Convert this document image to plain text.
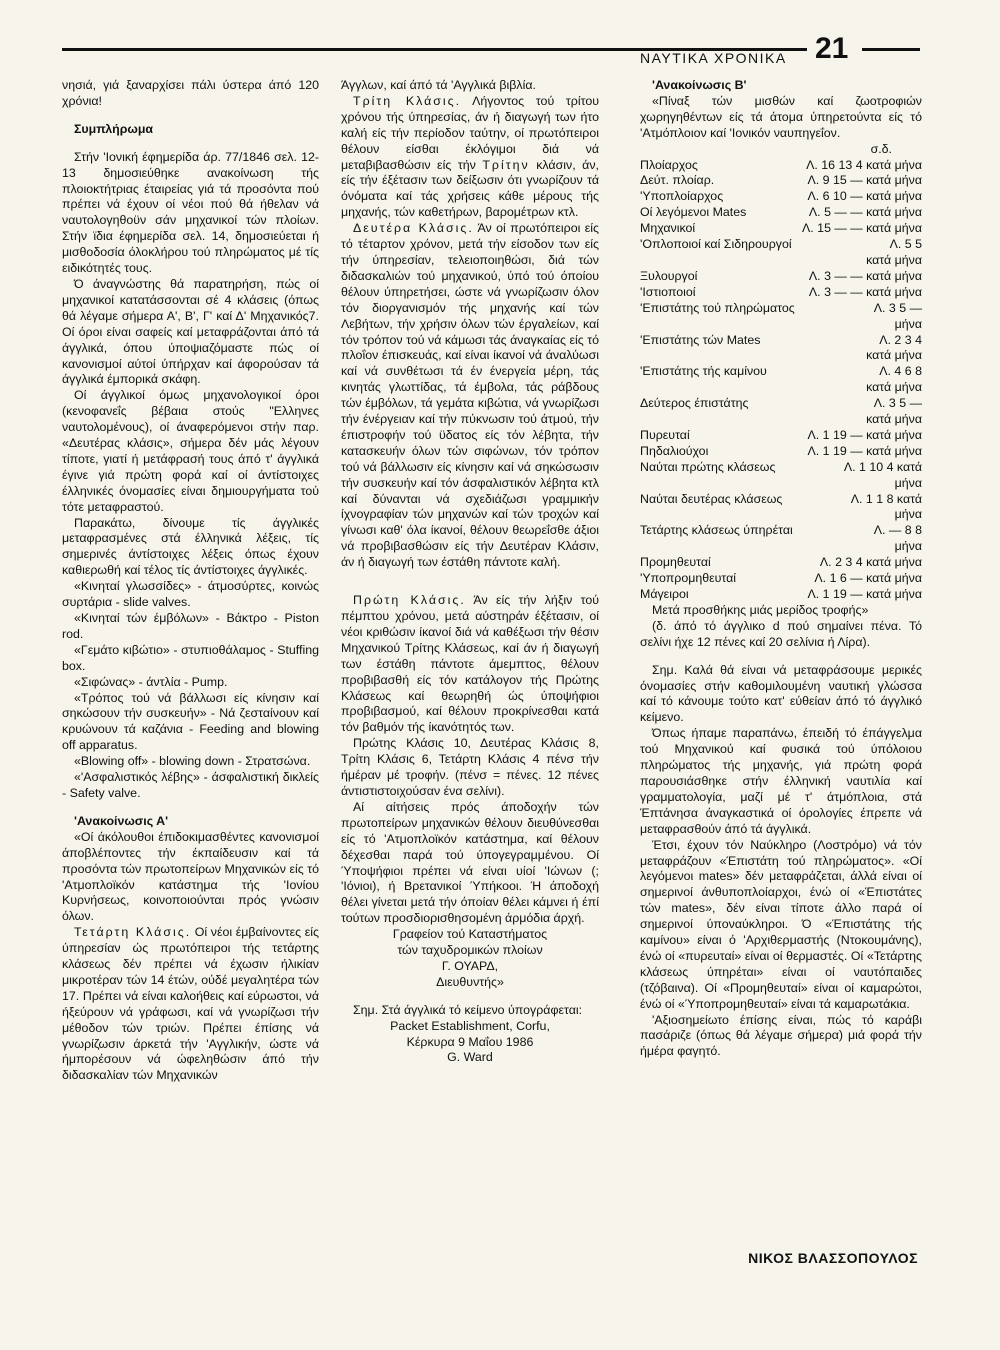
ΝΑΥΤΙΚΑ ΧΡΟΝΙΚΑ 21

νησιά, γιά ξαναρχίσει πάλι ύστερα άπό 120 χρόνια!

Συμπλήρωμα

Στήν 'Ιονική έφημερίδα άρ. 77/1846 σελ. 12-13 δημοσιεύθηκε ανακοίνωση τής πλοιοκτήτριας έταιρείας γιά τά προσόντα πού πρέπει νά έχουν οί νέοι πού θά ήθελαν νά ναυτολογηθοϋν σάν μηχανικοί τών πλοίων. Στήν ϊδια έφημερίδα σελ. 14, δημοσιεύεται ή μισθοδοσία όλοκλήρου τού πληρώματος μέ τίς ειδικότητές τους.

Ό άναγνώστης θά παρατηρήση, πώς οί μηχανικοί κατατάσσονται σέ 4 κλάσεις (όπως θά λέγαμε σήμερα Α', Β', Γ' καί Δ' Μηχανικός7. Οί όροι είναι σαφείς καί μεταφράζονται άπό τά άγγλικά, όπου ύποψιαζόμαστε πώς οί κανονισμοί αύτοί ύπήρχαν καί άφορούσαν τά άγγλικά έμπορικά σκάφη.

Οί άγγλικοί όμως μηχανολογικοί όροι (κενοφανεΐς βέβαια στούς "Ελληνες ναυτολομένους), οί άναφερόμενοι στήν παρ. «Δευτέρας κλάσις», σήμερα δέν μάς λέγουν τίποτε, γιατί ή μετάφρασή τους άπό τ' άγγλικά έγινε γιά πρώτη φορά καί οί άντίστοιχες έλληνικές όνομασίες είναι δημιουργήματα τού τότε μεταφραστού.

Παρακάτω, δίνουμε τίς άγγλικές μεταφρασμένες στά έλληνικά λέξεις, τίς σημερινές άντίστοιχες λέξεις όπως έχουν καθιερωθή καί τέλος τίς άντίστοιχες άγγλικές.

«Κινηταί γλωσσίδες» - άτμοσύρτες, κοινώς συρτάρια - slide valves.

«Κινηταί τών έμβόλων» - Βάκτρο - Piston rod.

«Γεμάτο κιβώτιο» - στυπιοθάλαμος - Stuffing box.

«Σιφώνας» - άντλία - Pump.

«Τρόπος τού νά βάλλωσι είς κίνησιν καί σηκώσουν τήν συσκευήν» - Νά ζεσταίνουν καί κρυώνουν τά καζάνια - Feeding and blowing off apparatus.

«Blowing off» - blowing down - Στρατσώνα.

«'Ασφαλιστικός λέβης» - άσφαλιστική δικλείς - Safety valve.

'Ανακοίνωσις Α'

«Οί άκόλουθοι έπιδοκιμασθέντες κανονισμοί άποβλέποντες τήν έκπαίδευσιν καί τά προσόντα τών πρωτοπείρων Μηχανικών είς τό 'Ατμοπλοϊκόν κατάστημα τής 'Ιονίου Κυρνήσεως, κοινοποιούνται πρός γνώσιν όλων.

Τετάρτη Κλάσις. Οί νέοι έμβαίνοντες είς ύπηρεσίαν ώς πρωτόπειροι τής τετάρτης κλάσεως δέν πρέπει νά έχωσιν ήλικίαν μικροτέραν τών 14 έτών, ούδέ μεγαλητέρα τών 17. Πρέπει νά είναι καλοήθεις καί εύρωστοι, νά ήξεύρουν νά γράφωσι, καί νά γνωρίζωσι τήν μέθοδον τών τριών. Πρέπει έπίσης νά γνωρίζωσιν άρκετά τήν 'Αγγλικήν, ώστε νά ήμπορέσουν νά ώφεληθώσιν άπό τήν διδασκαλίαν τών Μηχανικών

Άγγλων, καί άπό τά 'Αγγλικά βιβλία.

Τρίτη Κλάσις. Λήγοντος τού τρίτου χρόνου τής ύπηρεσίας, άν ή διαγωγή των ήτο καλή είς τήν περίοδον ταύτην, οί πρωτόπειροι θέλουν είσθαι έκλόγιμοι διά νά μεταβιβασθώσιν είς τήν Τρίτην κλάσιν, άν, είς τήν έξέτασιν των δείξωσιν ότι γνωρίζουν τά όνόματα καί τάς χρήσεις κάθε μέρους τής μηχανής, τών καθετήρων, βαρομέτρων κτλ.

Δευτέρα Κλάσις. Άν οί πρωτόπειροι είς τό τέταρτον χρόνον, μετά τήν είσοδον των είς τήν ύπηρεσίαν, τελειοποιηθώσι, διά τών διδασκαλιών τού μηχανικού, ύπό τού όποίου θέλουν ύπηρετήσει, ώστε νά γνωρίζωσιν όλον τόν διοργανισμόν τής μηχανής καί τών Λεβήτων, τήν χρήσιν όλων τών έργαλείων, καί τόν τρόπον τού νά κάμωσι τάς άναγκαίας είς τό πλοΐον έπισκευάς, καί είναι ίκανοί νά άναλύωσι καί νά συνθέτωσι τά έν ένεργεία μέρη, τάς κινητάς γλωττίδας, τά έμβολα, τάς ράβδους τών έμβόλων, τά γεμάτα κιβώτια, νά γνωρίζωσι τήν ένέργειαν καί τήν πύκνωσιν τού άτμού, τήν έπιστροφήν τού ϋδατος είς τόν λέβητα, τήν κατασκευήν όλων τών σιφώνων, τόν τρόπον τού νά βάλλωσιν είς κίνησιν καί νά σηκώσωσιν τήν συσκευήν καί τόν άσφαλιστικόν λέβητα κτλ καί δύνανται νά σχεδιάζωσι γραμμικήν ίχνογραφίαν τών μηχανών καί τών τροχών καί γίνωσι καθ' όλα ίκανοί, θέλουν θεωρεΐσθε άξιοι νά προβιβασθώσιν είς τήν Δευτέραν Κλάσιν, άν ή διαγωγή των έστάθη πάντοτε καλή.

Πρώτη Κλάσις. Άν είς τήν λήξιν τού πέμπτου χρόνου, μετά αύστηράν έξέτασιν, οί νέοι κριθώσιν ίκανοί διά νά καθέξωσι τήν θέσιν Μηχανικού Τρίτης Κλάσεως, καί άν ή διαγωγή των έστάθη πάντοτε άμεμπτος, θέλουν προβιβασθή είς τόν κατάλογον τής Πρώτης Κλάσεως καί θεωρηθή ώς ύποψήφιοι προβιβασμού, καί θέλουν προκρίνεσθαι κατά τόν βαθμόν τής ίκανότητός των.

Πρώτης Κλάσις 10, Δευτέρας Κλάσις 8, Τρίτη Κλάσις 6, Τετάρτη Κλάσις 4 πένσ τήν ήμέραν μέ τροφήν. (πένσ = πένες. 12 πένες άντιστιστοιχούσαν ένα σελίνι).

Αί αίτήσεις πρός άποδοχήν τών πρωτοπείρων μηχανικών θέλουν διευθύνεσθαι είς τό 'Ατμοπλοϊκόν κατάστημα, καί θέλουν δέχεσθαι παρά τού ύπογεγραμμένου. Οί Ύποψήφιοι πρέπει νά είναι υίοί 'Ιώνων (; 'Ιόνιοι), ή Βρετανικοί Ύπήκοοι. Ή άποδοχή θέλει γίνεται μετά τήν όποίαν θέλει κάμνει ή έπί τούτων προσδιορισθησομένη άρμόδια άρχή.

Γραφείον τού Καταστήματος

τών ταχυδρομικών πλοίων

Γ. ΟΥΑΡΔ,

Διευθυντής»

Σημ. Στά άγγλικά τό κείμενο ύπογράφεται:

Packet Establishment, Corfu,

Κέρκυρα 9 Μαΐου 1986

G. Ward

'Ανακοίνωσις Β'

«Πίναξ τών μισθών καί ζωοτροφιών χωρηγηθέντων είς τά άτομα ύπηρετούντα είς τό 'Ατμόπλοιον καί 'Ιονικόν ναυπηγεΐον.

σ.δ.

Πλοίαρχος	Λ. 16 13 4 κατά μήνα
Δεύτ. πλοίαρ.	Λ. 9 15 — κατά μήνα
'Υποπλοίαρχος	Λ. 6 10 — κατά μήνα
Οί λεγόμενοι Mates	Λ. 5 — — κατά μήνα
Μηχανικοί	Λ. 15 — — κατά μήνα
'Οπλοποιοί καί Σιδηρουργοί	Λ. 5 5
κατά μήνα	
Ξυλουργοί	Λ. 3 — — κατά μήνα
'Ιστιοποιοί	Λ. 3 — — κατά μήνα
'Επιστάτης τού πληρώματος	Λ. 3 5 —
μήνα	
'Επιστάτης τών Mates	Λ. 2 3 4
κατά μήνα	
'Επιστάτης τής καμίνου	Λ. 4 6 8
κατά μήνα	
Δεύτερος έπιστάτης	Λ. 3 5 —
κατά μήνα	
Πυρευταί	Λ. 1 19 — κατά μήνα
Πηδαλιούχοι	Λ. 1 19 — κατά μήνα
Ναύται πρώτης κλάσεως	Λ. 1 10 4 κατά
μήνα	
Ναύται δευτέρας κλάσεως	Λ. 1 1 8 κατά
μήνα	
Τετάρτης κλάσεως ύπηρέται	Λ. — 8 8
μήνα	
Προμηθευταί	Λ. 2 3 4 κατά μήνα
'Υποπρομηθευταί	Λ. 1 6 — κατά μήνα
Μάγειροι	Λ. 1 19 — κατά μήνα

Μετά προσθήκης μιάς μερίδος τροφής»

(δ. άπό τό άγγλικο d πού σημαίνει πένα. Τό σελίνι ήχε 12 πένες καί 20 σελίνια ή Λίρα).

Σημ. Καλά θά είναι νά μεταφράσουμε μερικές όνομασίες στήν καθομιλουμένη ναυτική γλώσσα καί τό κάνουμε τούτο κατ' εύθείαν άπό τό άγγλικό κείμενο.

Όπως ήπαμε παραπάνω, έπειδή τό έπάγγελμα τού Μηχανικού καί φυσικά τού ύπόλοιου πληρώματος τής μηχανής, γιά πρώτη φορά παρουσιάσθηκε στήν έλληνική ναυτιλία καί γραμματολογία, μαζί μέ τ' άτμόπλοια, στά Έπτάνησα άναγκαστικά οί όρολογίες έπρεπε νά μεταφρασθούν άπό τά άγγλικά.

Έτσι, έχουν τόν Ναύκληρο (Λοστρόμο) νά τόν μεταφράζουν «Έπιστάτη τού πληρώματος». «Οί λεγόμενοι mates» δέν μεταφράζεται, άλλά είναι οί σημερινοί άνθυποπλοίαρχοι, ένώ οί «Έπιστάτες τών mates», δέν είναι τίποτε άλλο παρά οί σημερινοί ύποναύκληροι. Ό «Έπιστάτης τής καμίνου» είναι ό 'Αρχιθερμαστής (Ντοκουμάνης), ένώ οί «πυρευταί» είναι οί θερμαστές. Οί «Τετάρτης κλάσεως ύπηρέται» είναι οί ναυτόπαιδες (τζόβαινα). Οί «Προμηθευταί» είναι οί καμαρώτοι, ένώ οί «Ύποπρομηθευταί» είναι τά καμαρωτάκια.

'Αξιοσημείωτο έπίσης είναι, πώς τό καράβι πασάριζε (όπως θά λέγαμε σήμερα) μιά φορά τήν ήμέρα φαγητό.

ΝΙΚΟΣ ΒΛΑΣΣΟΠΟΥΛΟΣ
